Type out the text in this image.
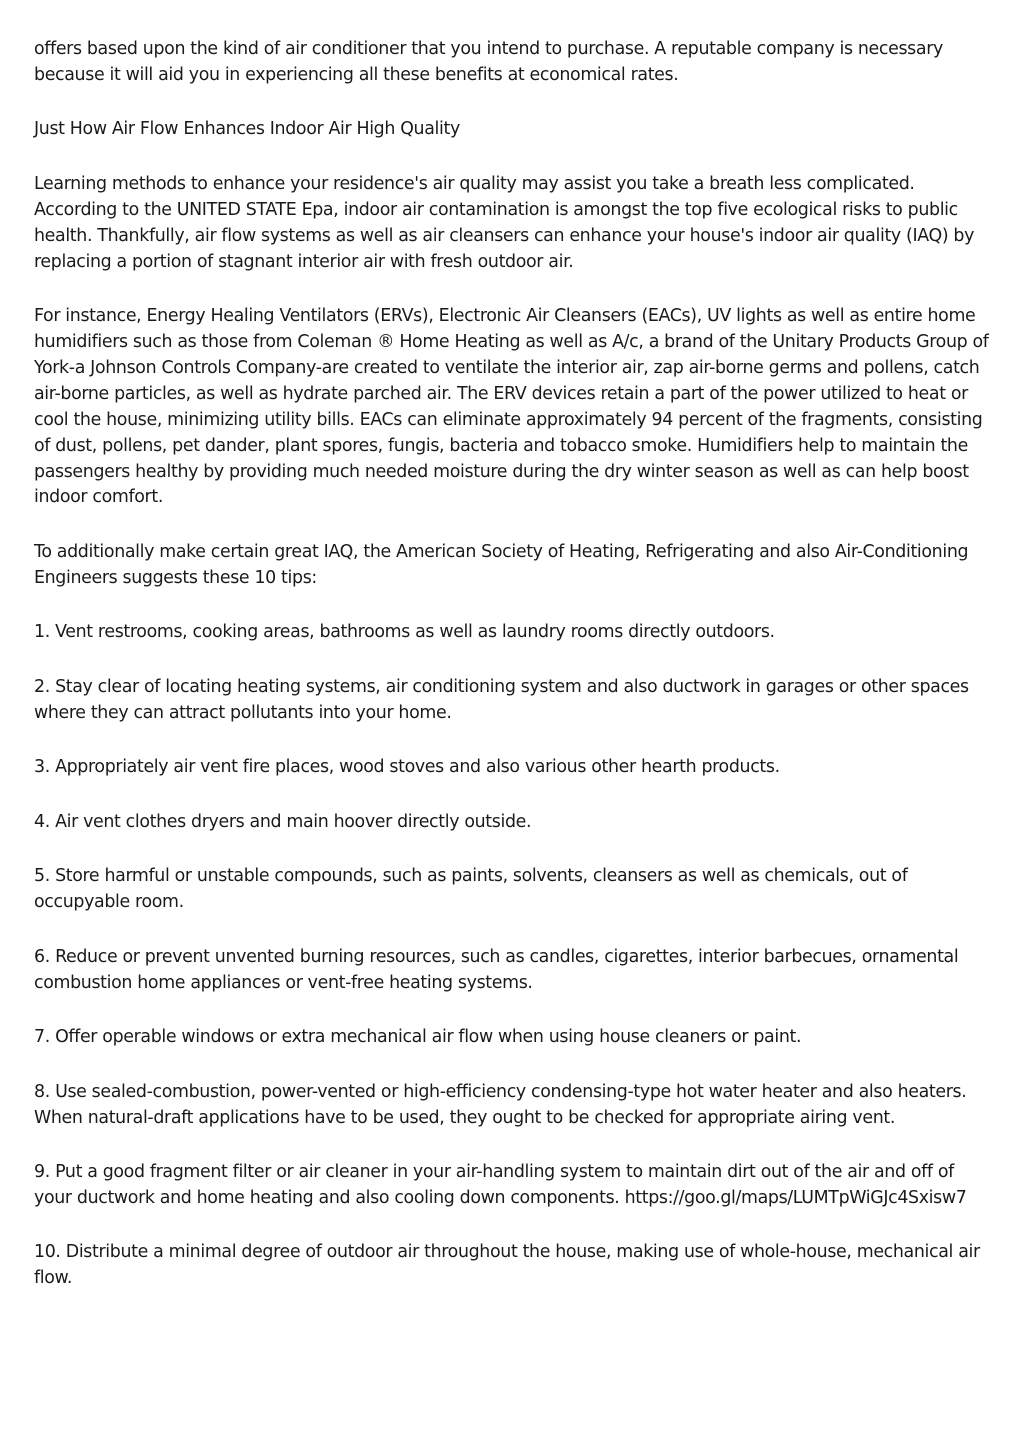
offers based upon the kind of air conditioner that you intend to purchase. A reputable company is necessary because it will aid you in experiencing all these benefits at economical rates.

Just How Air Flow Enhances Indoor Air High Quality

Learning methods to enhance your residence's air quality may assist you take a breath less complicated. According to the UNITED STATE Epa, indoor air contamination is amongst the top five ecological risks to public health. Thankfully, air flow systems as well as air cleansers can enhance your house's indoor air quality (IAQ) by replacing a portion of stagnant interior air with fresh outdoor air.

For instance, Energy Healing Ventilators (ERVs), Electronic Air Cleansers (EACs), UV lights as well as entire home humidifiers such as those from Coleman ® Home Heating as well as A/c, a brand of the Unitary Products Group of York-a Johnson Controls Company-are created to ventilate the interior air, zap air-borne germs and pollens, catch air-borne particles, as well as hydrate parched air. The ERV devices retain a part of the power utilized to heat or cool the house, minimizing utility bills. EACs can eliminate approximately 94 percent of the fragments, consisting of dust, pollens, pet dander, plant spores, fungis, bacteria and tobacco smoke. Humidifiers help to maintain the passengers healthy by providing much needed moisture during the dry winter season as well as can help boost indoor comfort.

To additionally make certain great IAQ, the American Society of Heating, Refrigerating and also Air-Conditioning Engineers suggests these 10 tips:

1. Vent restrooms, cooking areas, bathrooms as well as laundry rooms directly outdoors.

2. Stay clear of locating heating systems, air conditioning system and also ductwork in garages or other spaces where they can attract pollutants into your home.

3. Appropriately air vent fire places, wood stoves and also various other hearth products.

4. Air vent clothes dryers and main hoover directly outside.

5. Store harmful or unstable compounds, such as paints, solvents, cleansers as well as chemicals, out of occupyable room.

6. Reduce or prevent unvented burning resources, such as candles, cigarettes, interior barbecues, ornamental combustion home appliances or vent-free heating systems.

7. Offer operable windows or extra mechanical air flow when using house cleaners or paint.

8. Use sealed-combustion, power-vented or high-efficiency condensing-type hot water heater and also heaters. When natural-draft applications have to be used, they ought to be checked for appropriate airing vent.

9. Put a good fragment filter or air cleaner in your air-handling system to maintain dirt out of the air and off of your ductwork and home heating and also cooling down components. https://goo.gl/maps/LUMTpWiGJc4Sxisw7

10. Distribute a minimal degree of outdoor air throughout the house, making use of whole-house, mechanical air flow.
